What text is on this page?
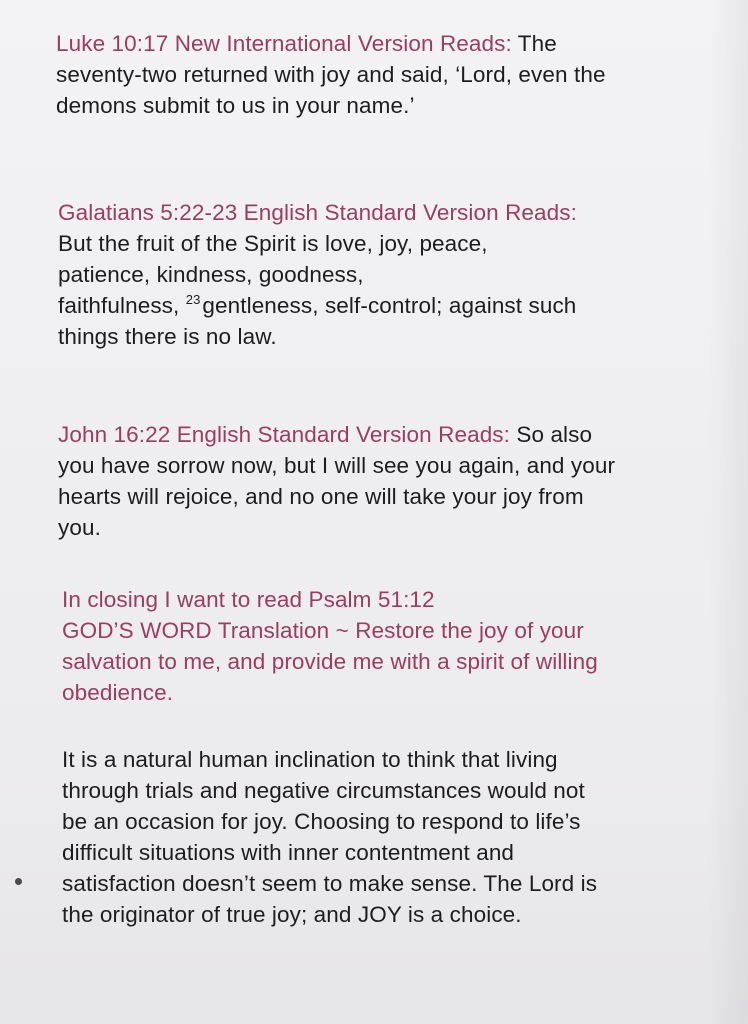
Luke 10:17 New International Version Reads: The
seventy-two returned with joy and said, ‘Lord, even the
demons submit to us in your name.’
Galatians 5:22-23 English Standard Version Reads:
But the fruit of the Spirit is love, joy, peace,
patience, kindness, goodness,
faithfulness, $^{23}$gentleness, self-control; against such
things there is no law.
John 16:22 English Standard Version Reads: So also
you have sorrow now, but I will see you again, and your
hearts will rejoice, and no one will take your joy from
you.
In closing I want to read Psalm 51:12
GOD’S WORD Translation ~ Restore the joy of your
salvation to me, and provide me with a spirit of willing
obedience.
It is a natural human inclination to think that living
through trials and negative circumstances would not
be an occasion for joy. Choosing to respond to life’s
difficult situations with inner contentment and
satisfaction doesn’t seem to make sense. The Lord is
the originator of true joy; and JOY is a choice.
